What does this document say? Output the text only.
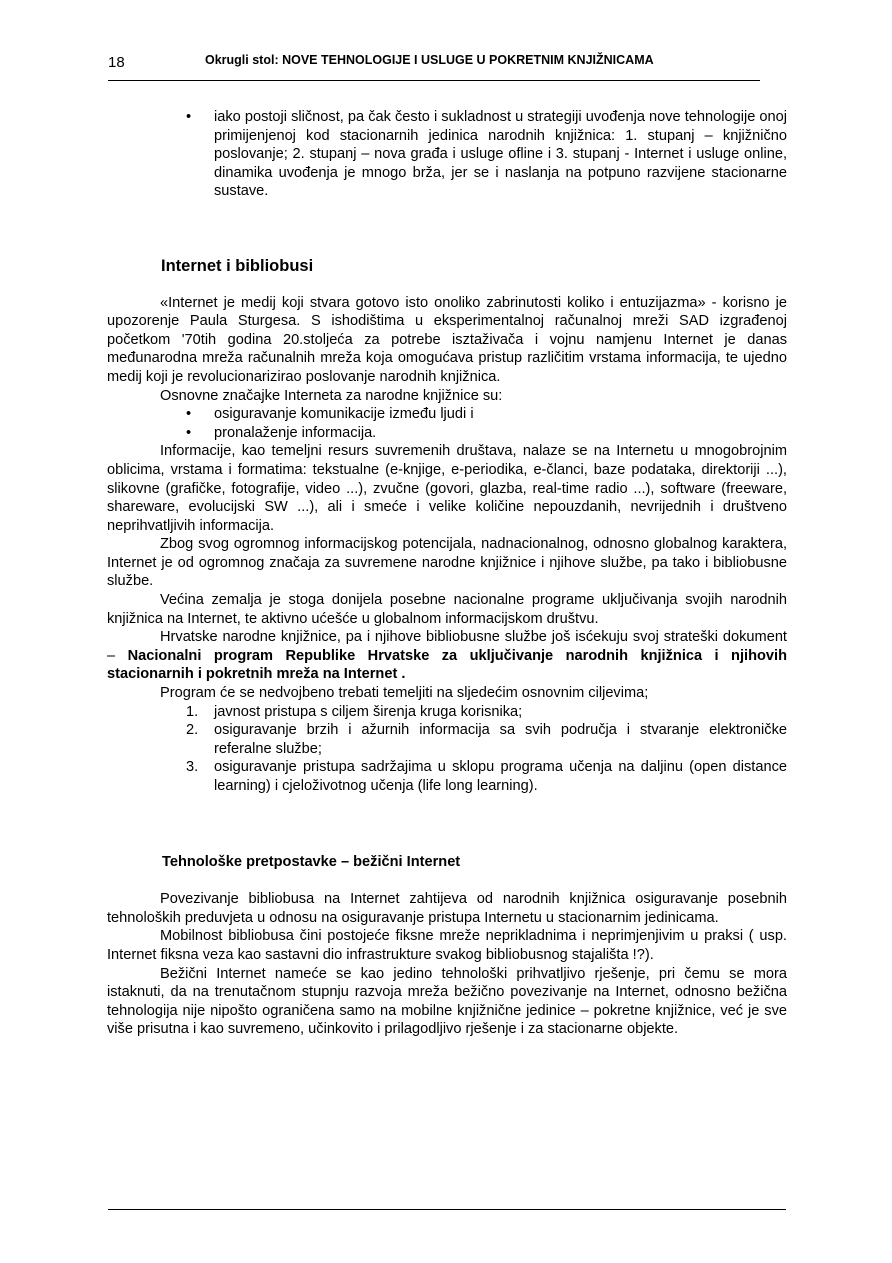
18	Okrugli stol: NOVE TEHNOLOGIJE I USLUGE U POKRETNIM KNJIŽNICAMA
• iako postoji sličnost, pa čak često i sukladnost u strategiji uvođenja nove tehnologije onoj primijenjenoj kod stacionarnih jedinica narodnih knjižnica: 1. stupanj – knjižnično poslovanje; 2. stupanj – nova građa i usluge ofline i 3. stupanj - Internet i usluge online, dinamika uvođenja je mnogo brža, jer se i naslanja na potpuno razvijene stacionarne sustave.
Internet i bibliobusi

«Internet je medij koji stvara gotovo isto onoliko zabrinutosti koliko i entuzijazma» - korisno je upozorenje Paula Sturgesa. S ishodištima u eksperimentalnoj računalnoj mreži SAD izgrađenoj početkom '70tih godina 20.stoljeća za potrebe isztaživača i vojnu namjenu Internet je danas međunarodna mreža računalnih mreža koja omogućava pristup različitim vrstama informacija, te ujedno medij koji je revolucionarizirao poslovanje narodnih knjižnica.

Osnovne značajke Interneta za narodne knjižnice su:

• osiguravanje komunikacije između ljudi i
• pronalaženje informacija.

Informacije, kao temeljni resurs suvremenih društava, nalaze se na Internetu u mnogobrojnim oblicima, vrstama i formatima: tekstualne (e-knjige, e-periodika, e-članci, baze podataka, direktoriji ...), slikovne (grafičke, fotografije, video ...), zvučne (govori, glazba, real-time radio ...), software (freeware, shareware, evolucijski SW ...), ali i smeće i velike količine nepouzdanih, nevrijednih i društveno neprihvatljivih informacija.

Zbog svog ogromnog informacijskog potencijala, nadnacionalnog, odnosno globalnog karaktera, Internet je od ogromnog značaja za suvremene narodne knjižnice i njihove službe, pa tako i bibliobusne službe.

Većina zemalja je stoga donijela posebne nacionalne programe uključivanja svojih narodnih knjižnica na Internet, te aktivno ućešće u globalnom informacijskom društvu.

Hrvatske narodne knjižnice, pa i njihove bibliobusne službe još isćekuju svoj strateški dokument – Nacionalni program Republike Hrvatske za uključivanje narodnih knjižnica i njihovih stacionarnih i pokretnih mreža na Internet .

Program će se nedvojbeno trebati temeljiti na sljedećim osnovnim ciljevima;

1. javnost pristupa s ciljem širenja kruga korisnika;
2. osiguravanje brzih i ažurnih informacija sa svih područja i stvaranje elektroničke referalne službe;
3. osiguravanje pristupa sadržajima u sklopu programa učenja na daljinu (open distance learning) i cjeloživotnog učenja (life long learning).
Tehnološke pretpostavke – bežični Internet

Povezivanje bibliobusa na Internet zahtijeva od narodnih knjižnica osiguravanje posebnih tehnoloških preduvjeta u odnosu na osiguravanje pristupa Internetu u stacionarnim jedinicama.

Mobilnost bibliobusa čini postojeće fiksne mreže neprikladnima i neprimjenjivim u praksi ( usp. Internet fiksna veza kao sastavni dio infrastrukture svakog bibliobusnog stajališta !?).

Bežični Internet nameće se kao jedino tehnološki prihvatljivo rješenje, pri čemu se mora istaknuti, da na trenutačnom stupnju razvoja mreža bežično povezivanje na Internet, odnosno bežična tehnologija nije nipošto ograničena samo na mobilne knjižnične jedinice – pokretne knjižnice, već je sve više prisutna i kao suvremeno, učinkovito i prilagodljivo rješenje i za stacionarne objekte.
